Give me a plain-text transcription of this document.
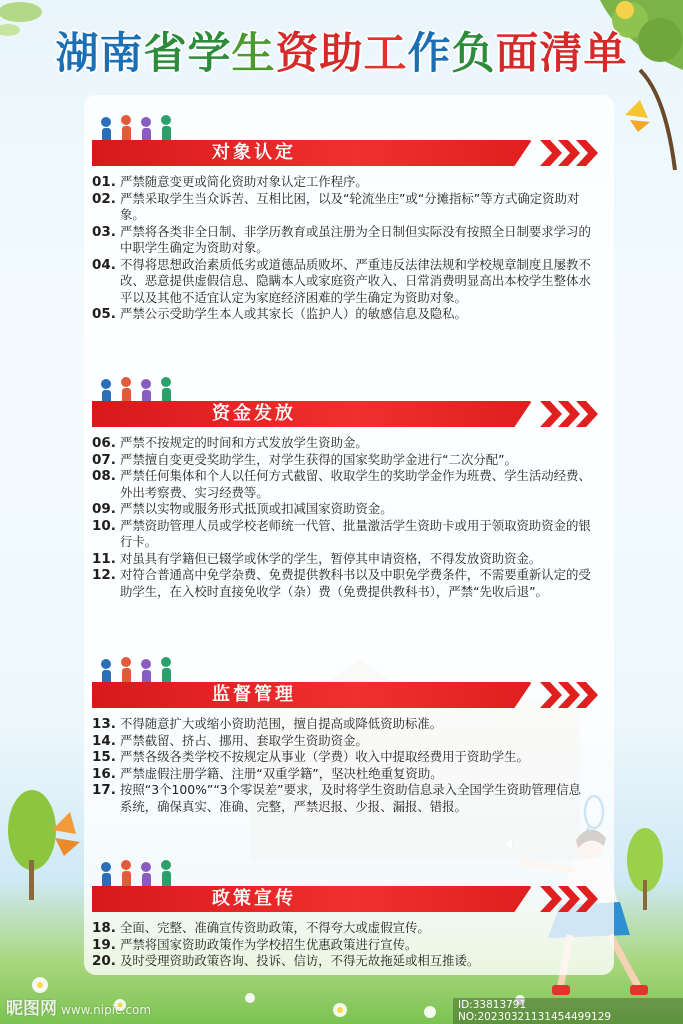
湖南省学生资助工作负面清单
对象认定
01. 严禁随意变更或简化资助对象认定工作程序。
02. 严禁采取学生当众诉苦、互相比困，以及“轮流坐庄”或“分摊指标”等方式确定资助对象。
03. 严禁将各类非全日制、非学历教育或虽注册为全日制但实际没有按照全日制要求学习的中职学生确定为资助对象。
04. 不得将思想政治素质低劣或道德品质败坏、严重违反法律法规和学校规章制度且屡教不改、恶意提供虚假信息、隐瞒本人或家庭资产收入、日常消费明显高出本校学生整体水平以及其他不适宜认定为家庭经济困难的学生确定为资助对象。
05. 严禁公示受助学生本人或其家长（监护人）的敏感信息及隐私。
资金发放
06. 严禁不按规定的时间和方式发放学生资助金。
07. 严禁擅自变更受奖助学生，对学生获得的国家奖助学金进行“二次分配”。
08. 严禁任何集体和个人以任何方式截留、收取学生的奖助学金作为班费、学生活动经费、外出考察费、实习经费等。
09. 严禁以实物或服务形式抵顶或扣减国家资助资金。
10. 严禁资助管理人员或学校老师统一代管、批量激活学生资助卡或用于领取资助资金的银行卡。
11. 对虽具有学籍但已辍学或休学的学生，暂停其申请资格，不得发放资助资金。
12. 对符合普通高中免学杂费、免费提供教科书以及中职免学费条件，不需要重新认定的受助学生，在入校时直接免收学（杂）费（免费提供教科书），严禁“先收后退”。
监督管理
13. 不得随意扩大或缩小资助范围，擅自提高或降低资助标准。
14. 严禁截留、挤占、挪用、套取学生资助资金。
15. 严禁各级各类学校不按规定从事业（学费）收入中提取经费用于资助学生。
16. 严禁虚假注册学籍、注册“双重学籍”，坚决杜绝重复资助。
17. 按照“3个100%”“3个零误差”要求，及时将学生资助信息录入全国学生资助管理信息系统，确保真实、准确、完整，严禁迟报、少报、漏报、错报。
政策宣传
18. 全面、完整、准确宣传资助政策，不得夸大或虚假宣传。
19. 严禁将国家资助政策作为学校招生优惠政策进行宣传。
20. 及时受理资助政策咨询、投诉、信访，不得无故拖延或相互推诿。
昵图网 www.nipic.com	ID:33813791 NO:20230321131454499129
